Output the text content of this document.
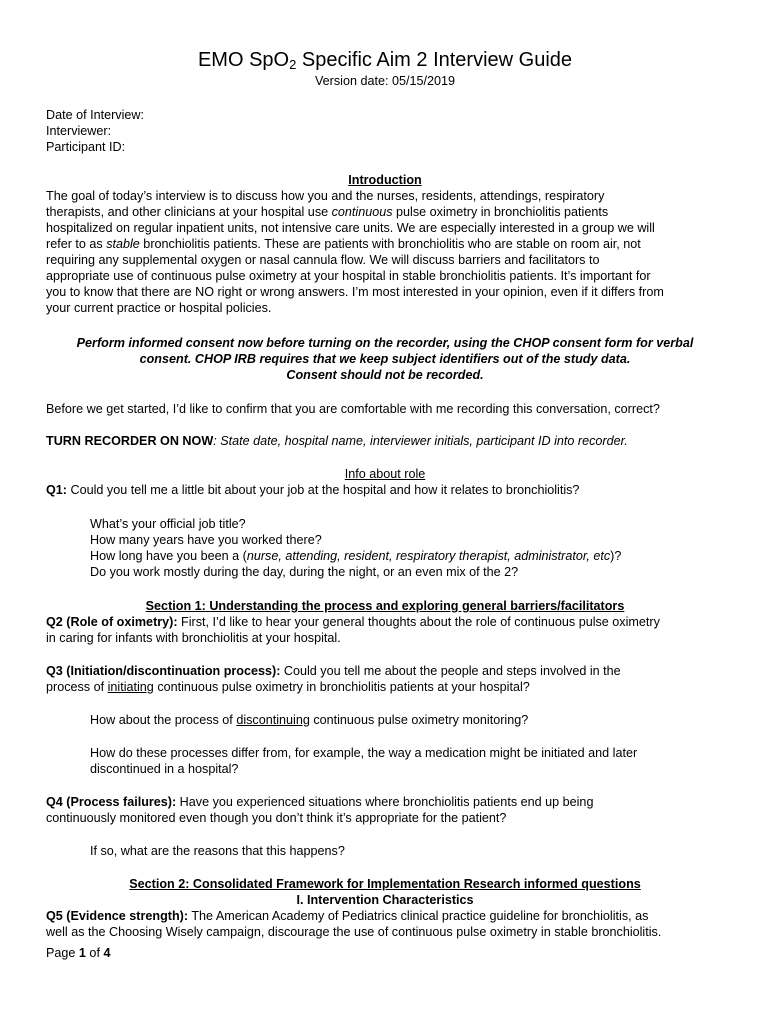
EMO SpO$_2$ Specific Aim 2 Interview Guide
Version date: 05/15/2019
Date of Interview:
Interviewer:
Participant ID:
Introduction
The goal of today’s interview is to discuss how you and the nurses, residents, attendings, respiratory
therapists, and other clinicians at your hospital use continuous pulse oximetry in bronchiolitis patients
hospitalized on regular inpatient units, not intensive care units. We are especially interested in a group we will
refer to as stable bronchiolitis patients. These are patients with bronchiolitis who are stable on room air, not
requiring any supplemental oxygen or nasal cannula flow. We will discuss barriers and facilitators to
appropriate use of continuous pulse oximetry at your hospital in stable bronchiolitis patients. It’s important for
you to know that there are NO right or wrong answers. I’m most interested in your opinion, even if it differs from
your current practice or hospital policies.
Perform informed consent now before turning on the recorder, using the CHOP consent form for verbal
consent. CHOP IRB requires that we keep subject identifiers out of the study data.
Consent should not be recorded.
Before we get started, I’d like to confirm that you are comfortable with me recording this conversation, correct?
TURN RECORDER ON NOW: State date, hospital name, interviewer initials, participant ID into recorder.
Info about role
Q1: Could you tell me a little bit about your job at the hospital and how it relates to bronchiolitis?
What’s your official job title?
How many years have you worked there?
How long have you been a (nurse, attending, resident, respiratory therapist, administrator, etc)?
Do you work mostly during the day, during the night, or an even mix of the 2?
Section 1: Understanding the process and exploring general barriers/facilitators
Q2 (Role of oximetry): First, I’d like to hear your general thoughts about the role of continuous pulse oximetry
in caring for infants with bronchiolitis at your hospital.
Q3 (Initiation/discontinuation process): Could you tell me about the people and steps involved in the
process of initiating continuous pulse oximetry in bronchiolitis patients at your hospital?
How about the process of discontinuing continuous pulse oximetry monitoring?
How do these processes differ from, for example, the way a medication might be initiated and later
discontinued in a hospital?
Q4 (Process failures): Have you experienced situations where bronchiolitis patients end up being
continuously monitored even though you don’t think it’s appropriate for the patient?
If so, what are the reasons that this happens?
Section 2: Consolidated Framework for Implementation Research informed questions
I. Intervention Characteristics
Q5 (Evidence strength): The American Academy of Pediatrics clinical practice guideline for bronchiolitis, as
well as the Choosing Wisely campaign, discourage the use of continuous pulse oximetry in stable bronchiolitis.
Page 1 of 4
